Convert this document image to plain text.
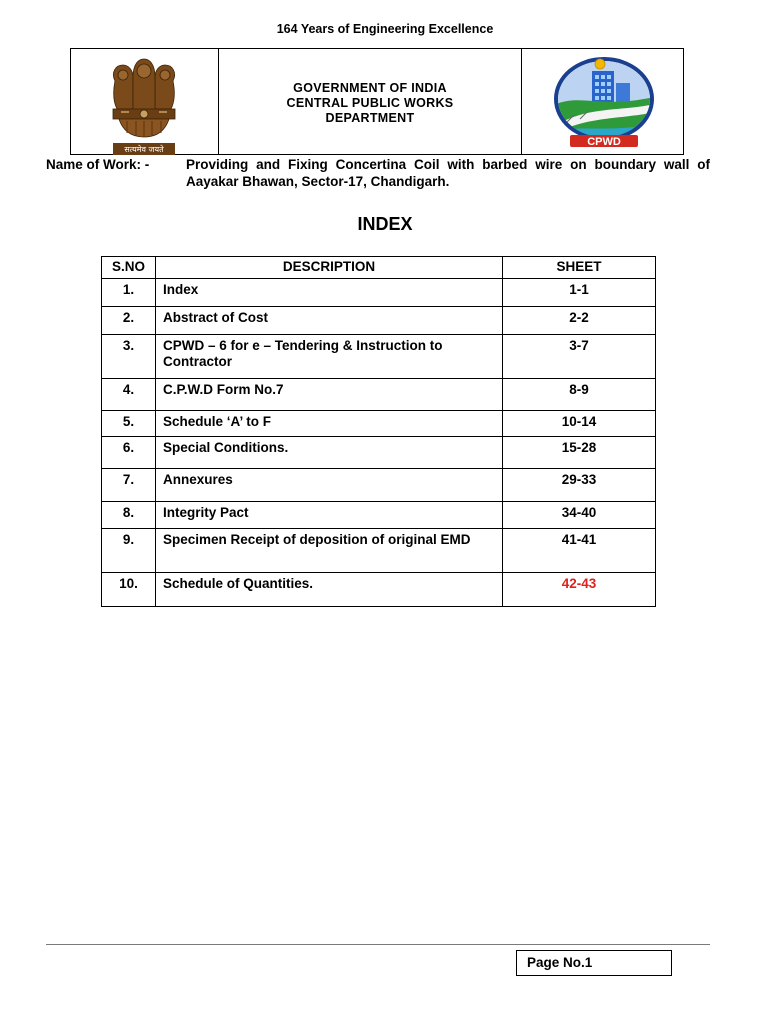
164 Years of Engineering Excellence
सत्यमेव जयते
GOVERNMENT OF INDIA
CENTRAL PUBLIC WORKS
DEPARTMENT
CPWD
Name of Work: -	Providing and Fixing Concertina Coil with barbed wire on boundary wall of Aayakar Bhawan, Sector-17, Chandigarh.
INDEX
S.NO	DESCRIPTION	SHEET
1.	Index	1-1
2.	Abstract of Cost	2-2
3.	CPWD – 6 for e – Tendering & Instruction to Contractor	3-7
4.	C.P.W.D Form No.7	8-9
5.	Schedule ‘A’ to F	10-14
6.	Special Conditions.	15-28
7.	Annexures	29-33
8.	Integrity Pact	34-40
9.	Specimen Receipt of deposition of original EMD	41-41
10.	Schedule of Quantities.	42-43
Page No.1
